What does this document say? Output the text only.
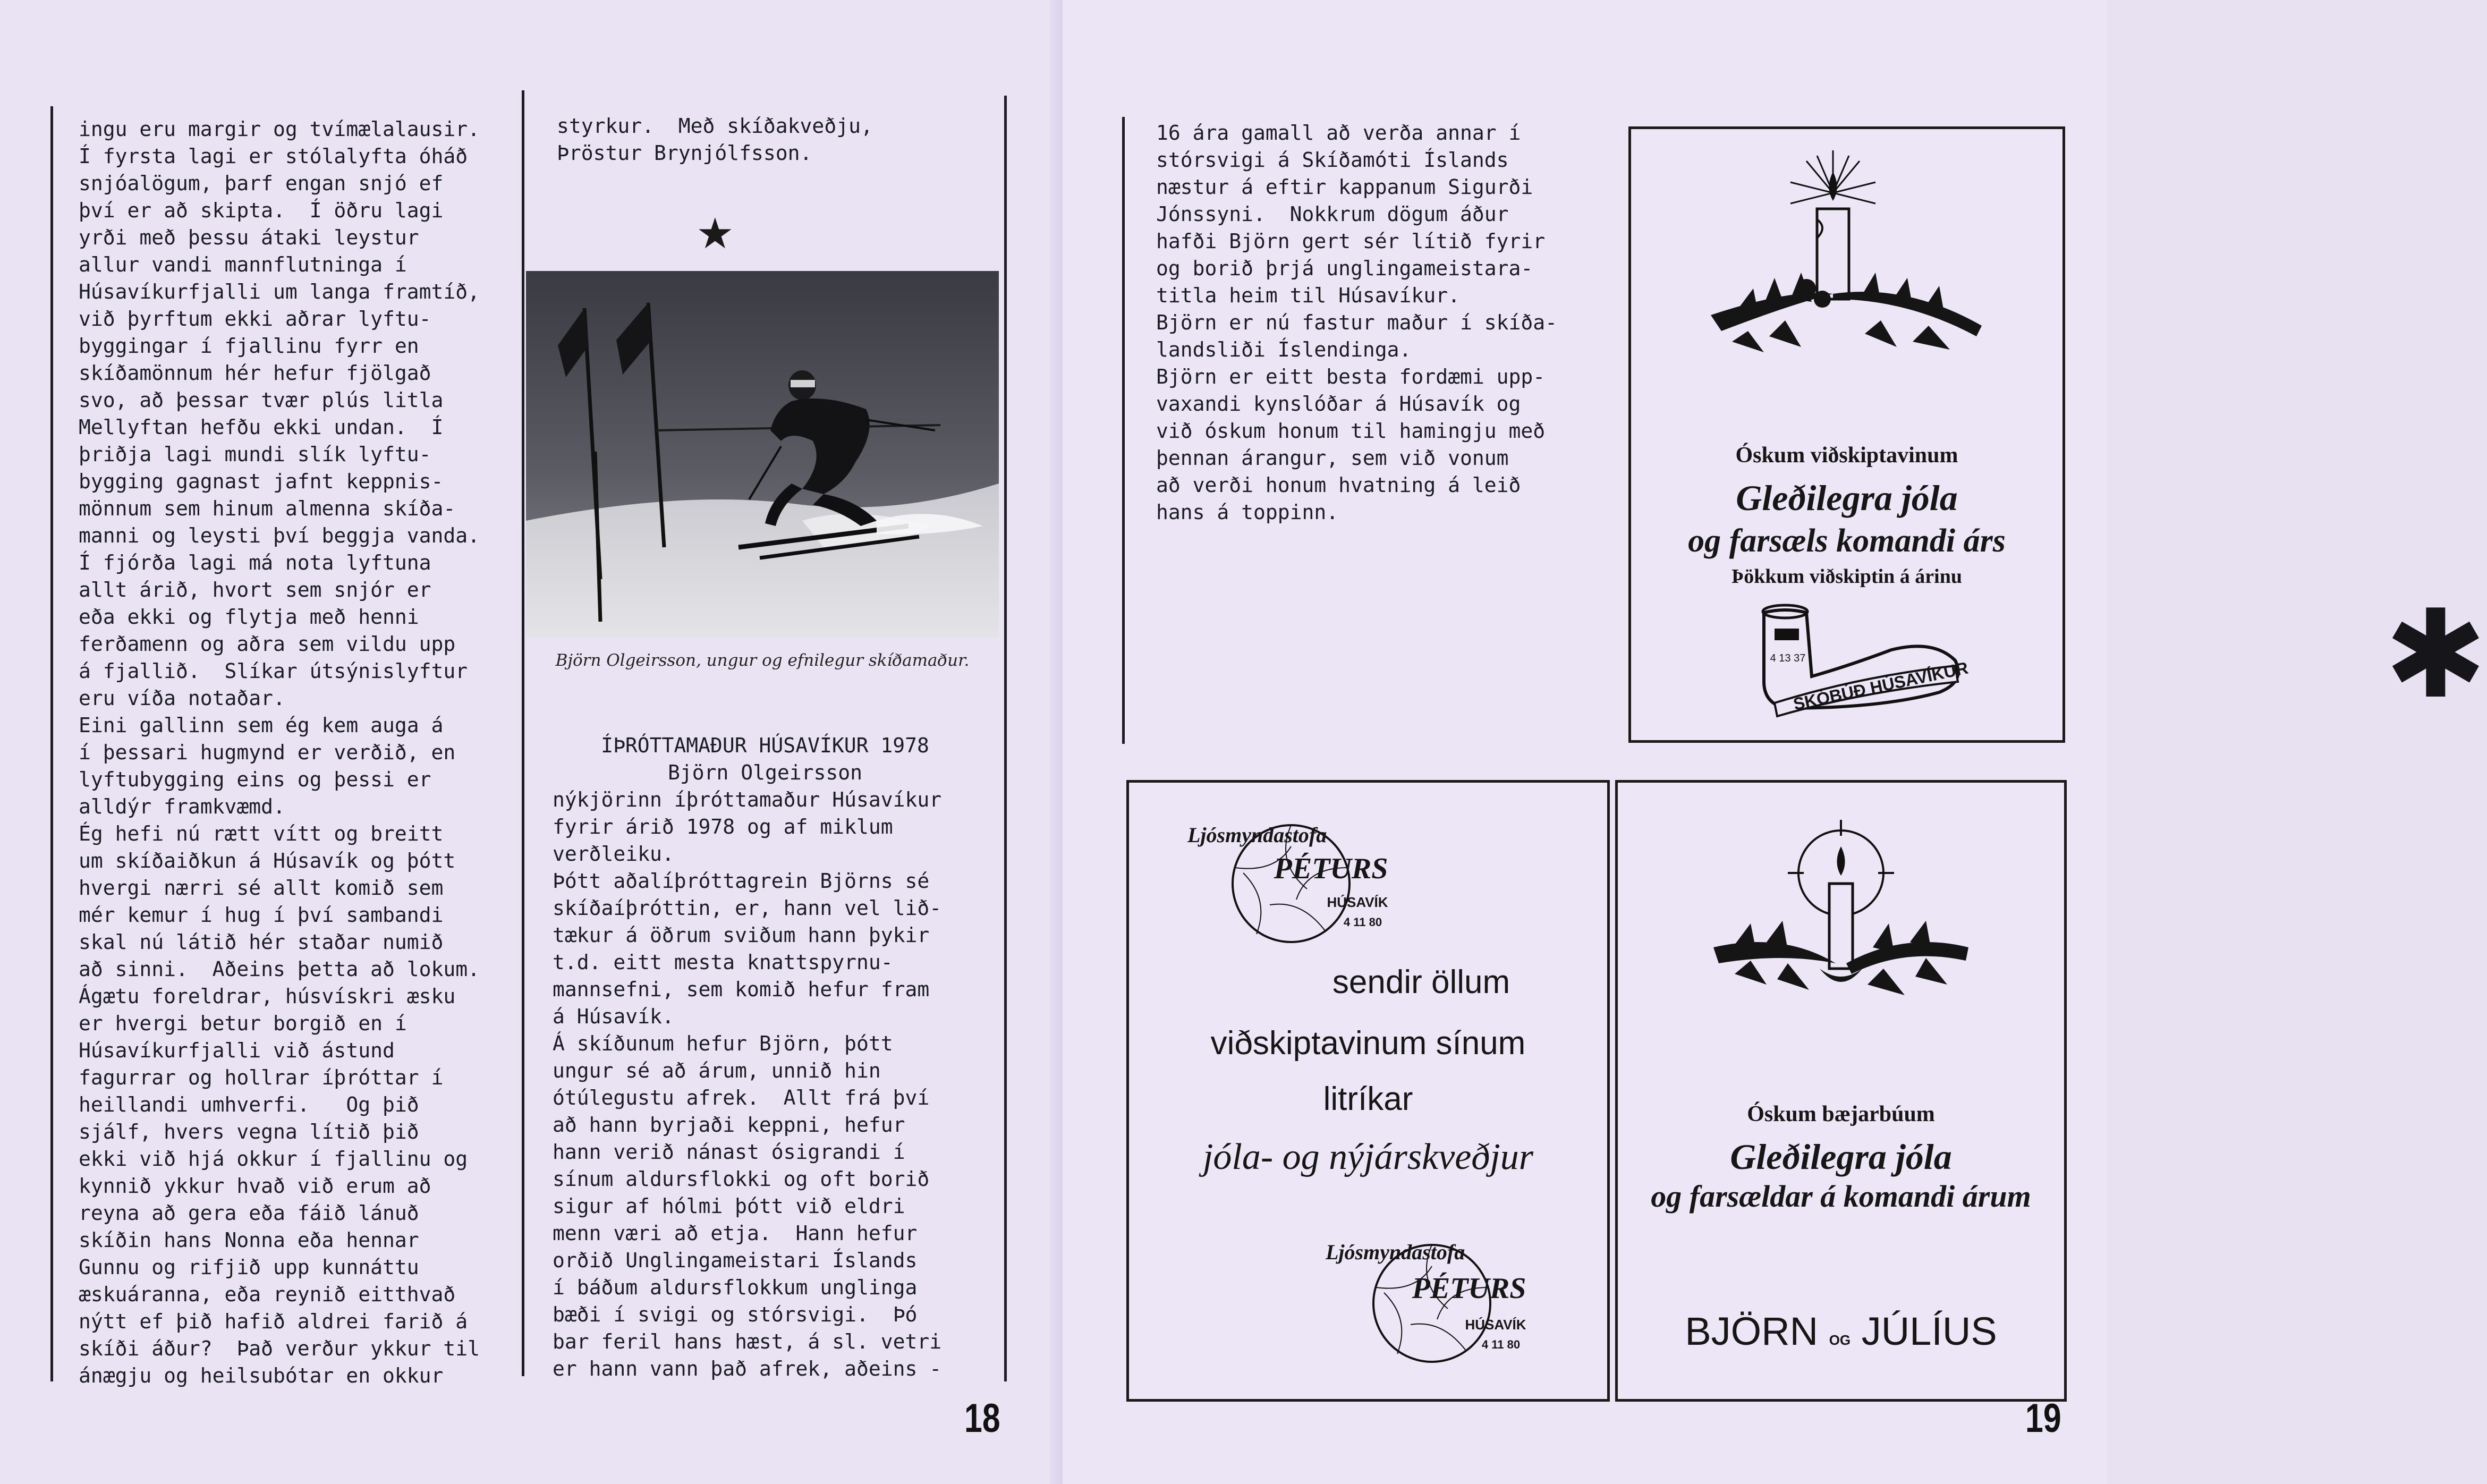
ingu eru margir og tvímælalausir.
Í fyrsta lagi er stólalyfta óháð
snjóalögum, þarf engan snjó ef
því er að skipta.  Í öðru lagi
yrði með þessu átaki leystur
allur vandi mannflutninga í
Húsavíkurfjalli um langa framtíð,
við þyrftum ekki aðrar lyftu-
byggingar í fjallinu fyrr en
skíðamönnum hér hefur fjölgað
svo, að þessar tvær plús litla
Mellyftan hefðu ekki undan.  Í
þriðja lagi mundi slík lyftu-
bygging gagnast jafnt keppnis-
mönnum sem hinum almenna skíða-
manni og leysti því beggja vanda.
Í fjórða lagi má nota lyftuna
allt árið, hvort sem snjór er
eða ekki og flytja með henni
ferðamenn og aðra sem vildu upp
á fjallið.  Slíkar útsýnislyftur
eru víða notaðar.
Eini gallinn sem ég kem auga á
í þessari hugmynd er verðið, en
lyftubygging eins og þessi er
alldýr framkvæmd.
Ég hefi nú rætt vítt og breitt
um skíðaiðkun á Húsavík og þótt
hvergi nærri sé allt komið sem
mér kemur í hug í því sambandi
skal nú látið hér staðar numið
að sinni.  Aðeins þetta að lokum.
Ágætu foreldrar, húsvískri æsku
er hvergi betur borgið en í
Húsavíkurfjalli við ástund
fagurrar og hollrar íþróttar í
heillandi umhverfi.   Og þið
sjálf, hvers vegna lítið þið
ekki við hjá okkur í fjallinu og
kynnið ykkur hvað við erum að
reyna að gera eða fáið lánuð
skíðin hans Nonna eða hennar
Gunnu og rifjið upp kunnáttu
æskuáranna, eða reynið eitthvað
nýtt ef þið hafið aldrei farið á
skíði áður?  Það verður ykkur til
ánægju og heilsubótar en okkur
styrkur.  Með skíðakveðju,
Þröstur Brynjólfsson.
★
Björn Olgeirsson, ungur og efnilegur skíðamaður.
ÍÞRÓTTAMAÐUR HÚSAVÍKUR 1978
Björn Olgeirsson
nýkjörinn íþróttamaður Húsavíkur
fyrir árið 1978 og af miklum
verðleiku.
Þótt aðalíþróttagrein Björns sé
skíðaíþróttin, er, hann vel lið-
tækur á öðrum sviðum hann þykir
t.d. eitt mesta knattspyrnu-
mannsefni, sem komið hefur fram
á Húsavík.
Á skíðunum hefur Björn, þótt
ungur sé að árum, unnið hin
ótúlegustu afrek.  Allt frá því
að hann byrjaði keppni, hefur
hann verið nánast ósigrandi í
sínum aldursflokki og oft borið
sigur af hólmi þótt við eldri
menn væri að etja.  Hann hefur
orðið Unglingameistari Íslands
í báðum aldursflokkum unglinga
bæði í svigi og stórsvigi.  Þó
bar feril hans hæst, á sl. vetri
er hann vann það afrek, aðeins -
18
16 ára gamall að verða annar í
stórsvigi á Skíðamóti Íslands
næstur á eftir kappanum Sigurði
Jónssyni.  Nokkrum dögum áður
hafði Björn gert sér lítið fyrir
og borið þrjá unglingameistara-
titla heim til Húsavíkur.
Björn er nú fastur maður í skíða-
landsliði Íslendinga.
Björn er eitt besta fordæmi upp-
vaxandi kynslóðar á Húsavík og
við óskum honum til hamingju með
þennan árangur, sem við vonum
að verði honum hvatning á leið
hans á toppinn.
✱
Óskum viðskiptavinum
Gleðilegra jóla
og farsæls komandi árs
Þökkum viðskiptin á árinu
4 13 37
SKÓBÚÐ HÚSAVÍKUR
Ljósmyndastofa
PÉTURS
HÚSAVÍK
4 11 80
sendir öllum
viðskiptavinum sínum
litríkar
jóla- og nýjárskveðjur
Ljósmyndastofa
PÉTURS
HÚSAVÍK
4 11 80
Óskum bæjarbúum
Gleðilegra jóla
og farsældar á komandi árum
BJÖRN OG JÚLÍUS
19
